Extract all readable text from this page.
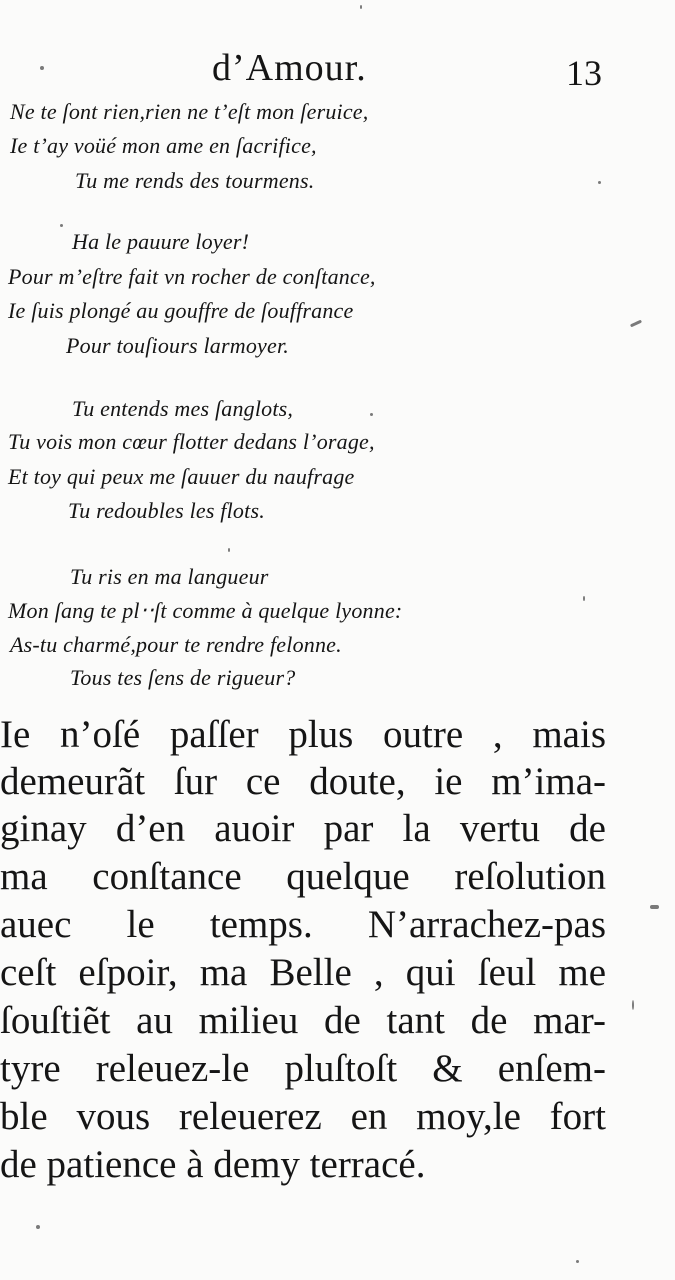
d’Amour.	13
Ne te ſont rien,rien ne t’eſt mon ſeruice,
Ie t’ay voüé mon ame en ſacrifice,
Tu me rends des tourmens.
Ha le pauure loyer!
Pour m’eſtre fait vn rocher de conſtance,
Ie ſuis plongé au gouffre de ſouffrance
Pour touſiours larmoyer.
Tu entends mes ſanglots,
Tu vois mon cœur flotter dedans l’orage,
Et toy qui peux me ſauuer du naufrage
Tu redoubles les flots.
Tu ris en ma langueur
Mon ſang te pl‧‧ſt comme à quelque lyonne:
As-tu charmé,pour te rendre felonne.
Tous tes ſens de rigueur?
Ie n’oſé paſſer plus outre , mais
demeurãt ſur ce doute, ie m’ima-
ginay d’en auoir par la vertu de
ma conſtance quelque reſolution
auec le temps. N’arrachez-pas
ceſt eſpoir, ma Belle , qui ſeul me
ſouſtiẽt au milieu de tant de mar-
tyre releuez-le pluſtoſt & enſem-
ble vous releuerez en moy,le fort
de patience à demy terracé.
